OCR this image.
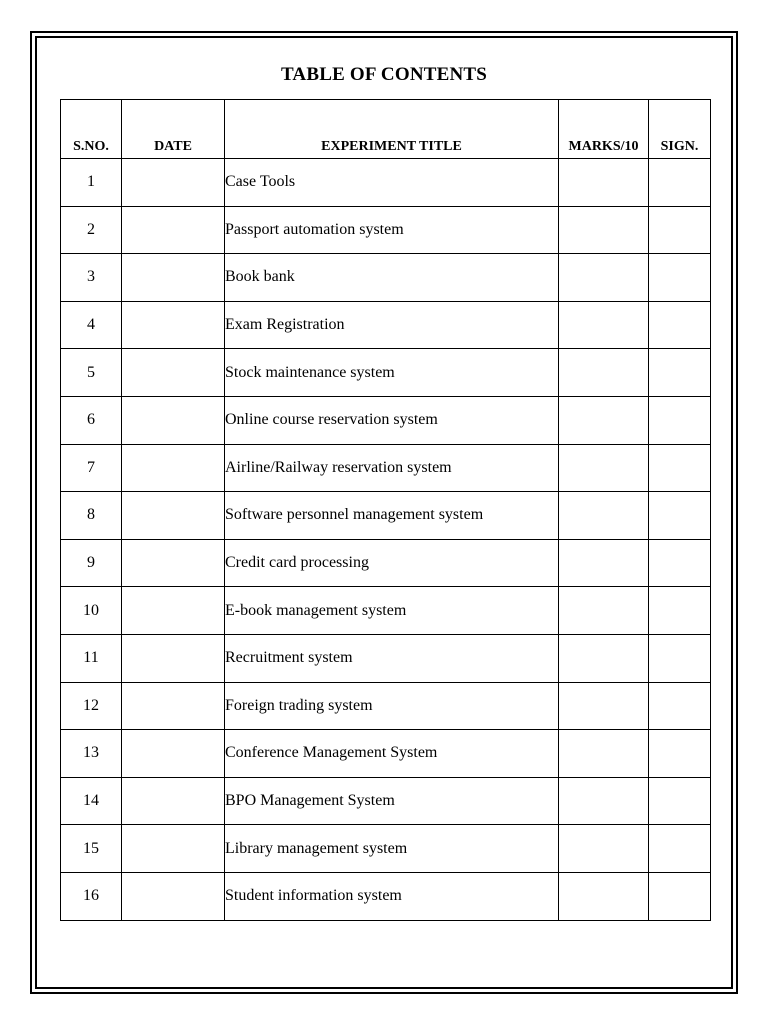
TABLE OF CONTENTS
S.NO.	DATE	EXPERIMENT TITLE	MARKS/10	SIGN.
1		Case Tools		
2		Passport automation system		
3		Book bank		
4		Exam Registration		
5		Stock maintenance system		
6		Online course reservation system		
7		Airline/Railway reservation system		
8		Software personnel management system		
9		Credit card processing		
10		E-book management system		
11		Recruitment system		
12		Foreign trading system		
13		Conference Management System		
14		BPO Management System		
15		Library management system		
16		Student information system		
